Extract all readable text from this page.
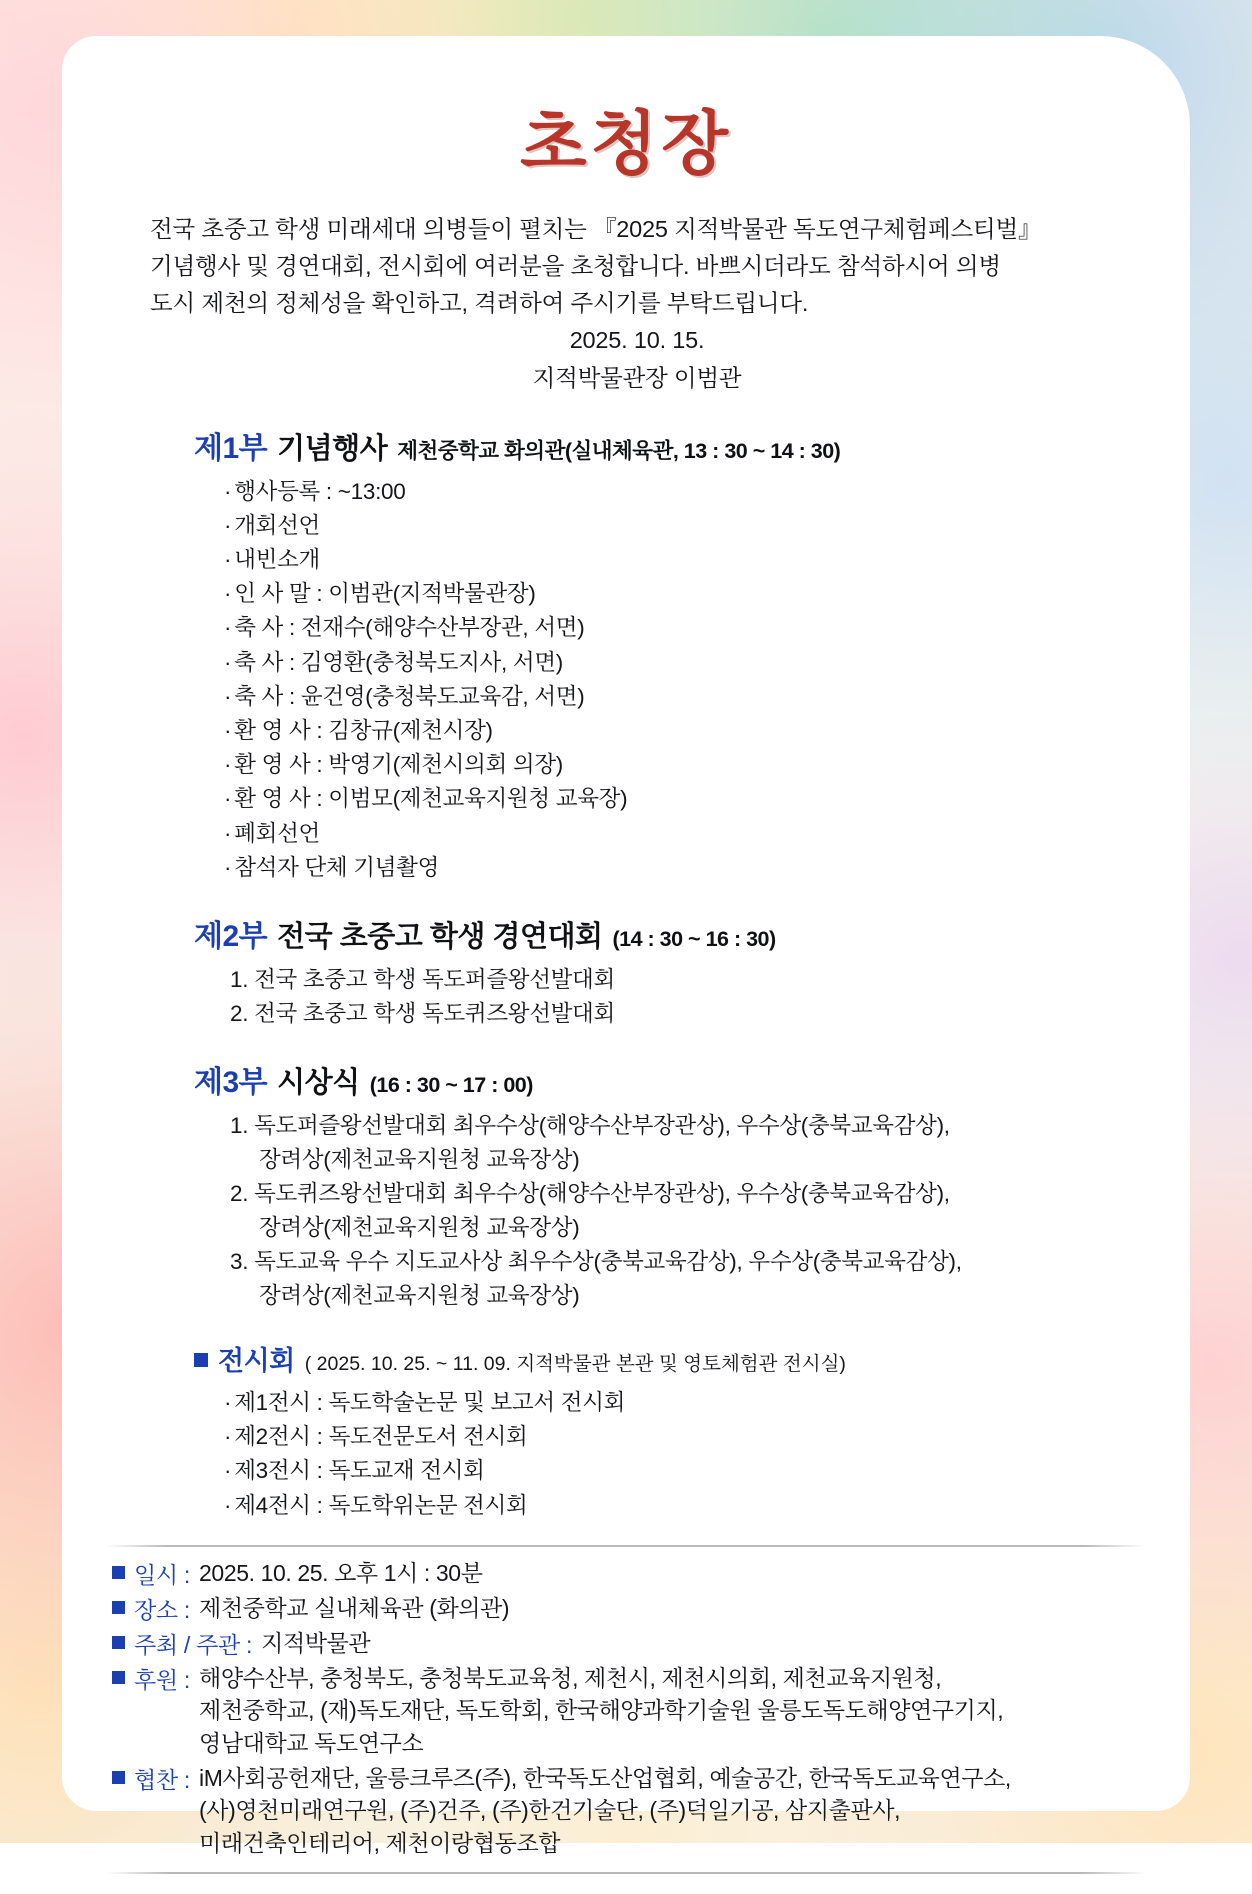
초청장
전국 초중고 학생 미래세대 의병들이 펼치는 『2025 지적박물관 독도연구체험페스티벌』
기념행사 및 경연대회, 전시회에 여러분을 초청합니다. 바쁘시더라도 참석하시어 의병
도시 제천의 정체성을 확인하고, 격려하여 주시기를 부탁드립니다.
2025. 10. 15.
지적박물관장 이범관
제1부 기념행사 제천중학교 화의관(실내체육관, 13 : 30 ~ 14 : 30)
· 행사등록 : ~13:00
· 개회선언
· 내빈소개
· 인 사 말 : 이범관(지적박물관장)
· 축 사 : 전재수(해양수산부장관, 서면)
· 축 사 : 김영환(충청북도지사, 서면)
· 축 사 : 윤건영(충청북도교육감, 서면)
· 환 영 사 : 김창규(제천시장)
· 환 영 사 : 박영기(제천시의회 의장)
· 환 영 사 : 이범모(제천교육지원청 교육장)
· 폐회선언
· 참석자 단체 기념촬영
제2부 전국 초중고 학생 경연대회 (14 : 30 ~ 16 : 30)
1. 전국 초중고 학생 독도퍼즐왕선발대회
2. 전국 초중고 학생 독도퀴즈왕선발대회
제3부 시상식 (16 : 30 ~ 17 : 00)
1. 독도퍼즐왕선발대회 최우수상(해양수산부장관상), 우수상(충북교육감상),
장려상(제천교육지원청 교육장상)
2. 독도퀴즈왕선발대회 최우수상(해양수산부장관상), 우수상(충북교육감상),
장려상(제천교육지원청 교육장상)
3. 독도교육 우수 지도교사상 최우수상(충북교육감상), 우수상(충북교육감상),
장려상(제천교육지원청 교육장상)
전시회 ( 2025. 10. 25. ~ 11. 09. 지적박물관 본관 및 영토체험관 전시실)
· 제1전시 : 독도학술논문 및 보고서 전시회
· 제2전시 : 독도전문도서 전시회
· 제3전시 : 독도교재 전시회
· 제4전시 : 독도학위논문 전시회
일시 : 2025. 10. 25. 오후 1시 : 30분
장소 : 제천중학교 실내체육관 (화의관)
주최 / 주관 : 지적박물관
후원 : 해양수산부, 충청북도, 충청북도교육청, 제천시, 제천시의회, 제천교육지원청,
제천중학교, (재)독도재단, 독도학회, 한국해양과학기술원 울릉도독도해양연구기지,
영남대학교 독도연구소
협찬 : iM사회공헌재단, 울릉크루즈(주), 한국독도산업협회, 예술공간, 한국독도교육연구소,
(사)영천미래연구원, (주)건주, (주)한건기술단, (주)덕일기공, 삼지출판사,
미래건축인테리어, 제천이랑협동조합
